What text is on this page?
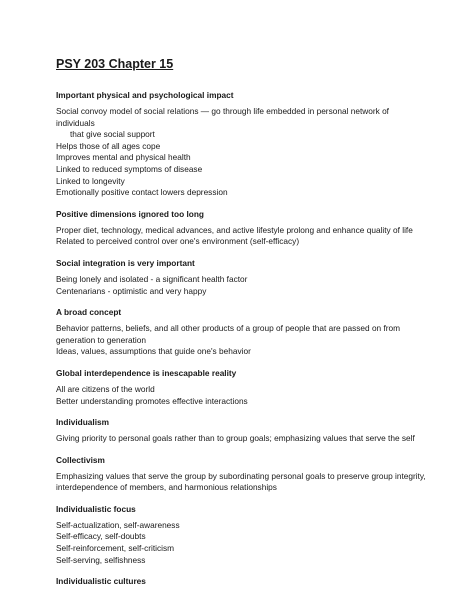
PSY 203 Chapter 15
Important physical and psychological impact
Social convoy model of social relations — go through life embedded in personal network of individuals
that give social support
Helps those of all ages cope
Improves mental and physical health
Linked to reduced symptoms of disease
Linked to longevity
Emotionally positive contact lowers depression
Positive dimensions ignored too long
Proper diet, technology, medical advances, and active lifestyle prolong and enhance quality of life
Related to perceived control over one's environment (self-efficacy)
Social integration is very important
Being lonely and isolated - a significant health factor
Centenarians - optimistic and very happy
A broad concept
Behavior patterns, beliefs, and all other products of a group of people that are passed on from
generation to generation
Ideas, values, assumptions that guide one's behavior
Global interdependence is inescapable reality
All are citizens of the world
Better understanding promotes effective interactions
Individualism
Giving priority to personal goals rather than to group goals; emphasizing values that serve the self
Collectivism
Emphasizing values that serve the group by subordinating personal goals to preserve group integrity,
interdependence of members, and harmonious relationships
Individualistic focus
Self-actualization, self-awareness
Self-efficacy, self-doubts
Self-reinforcement, self-criticism
Self-serving, selfishness
Individualistic cultures
